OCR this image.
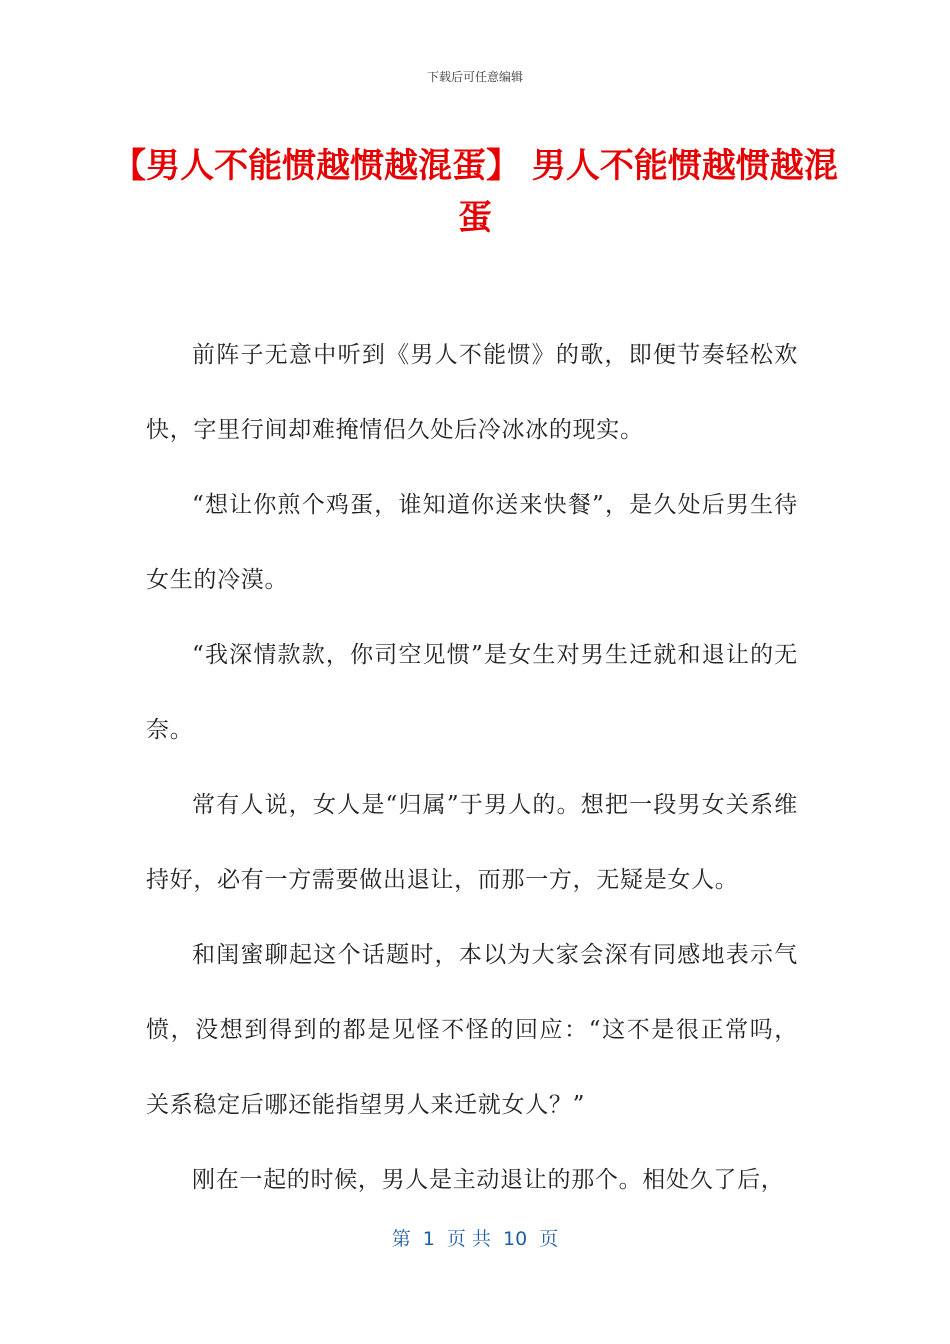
下载后可任意编辑
【男人不能惯越惯越混蛋】 男人不能惯越惯越混蛋

前阵子无意中听到《男人不能惯》的歌，即便节奏轻松欢快，字里行间却难掩情侣久处后冷冰冰的现实。

“想让你煎个鸡蛋，谁知道你送来快餐”，是久处后男生待女生的冷漠。

“我深情款款，你司空见惯”是女生对男生迁就和退让的无奈。

常有人说，女人是“归属”于男人的。想把一段男女关系维持好，必有一方需要做出退让，而那一方，无疑是女人。

和闺蜜聊起这个话题时，本以为大家会深有同感地表示气愤，没想到得到的都是见怪不怪的回应：“这不是很正常吗，关系稳定后哪还能指望男人来迁就女人？”

刚在一起的时候，男人是主动退让的那个。相处久了后，

第  1  页 共  10  页
